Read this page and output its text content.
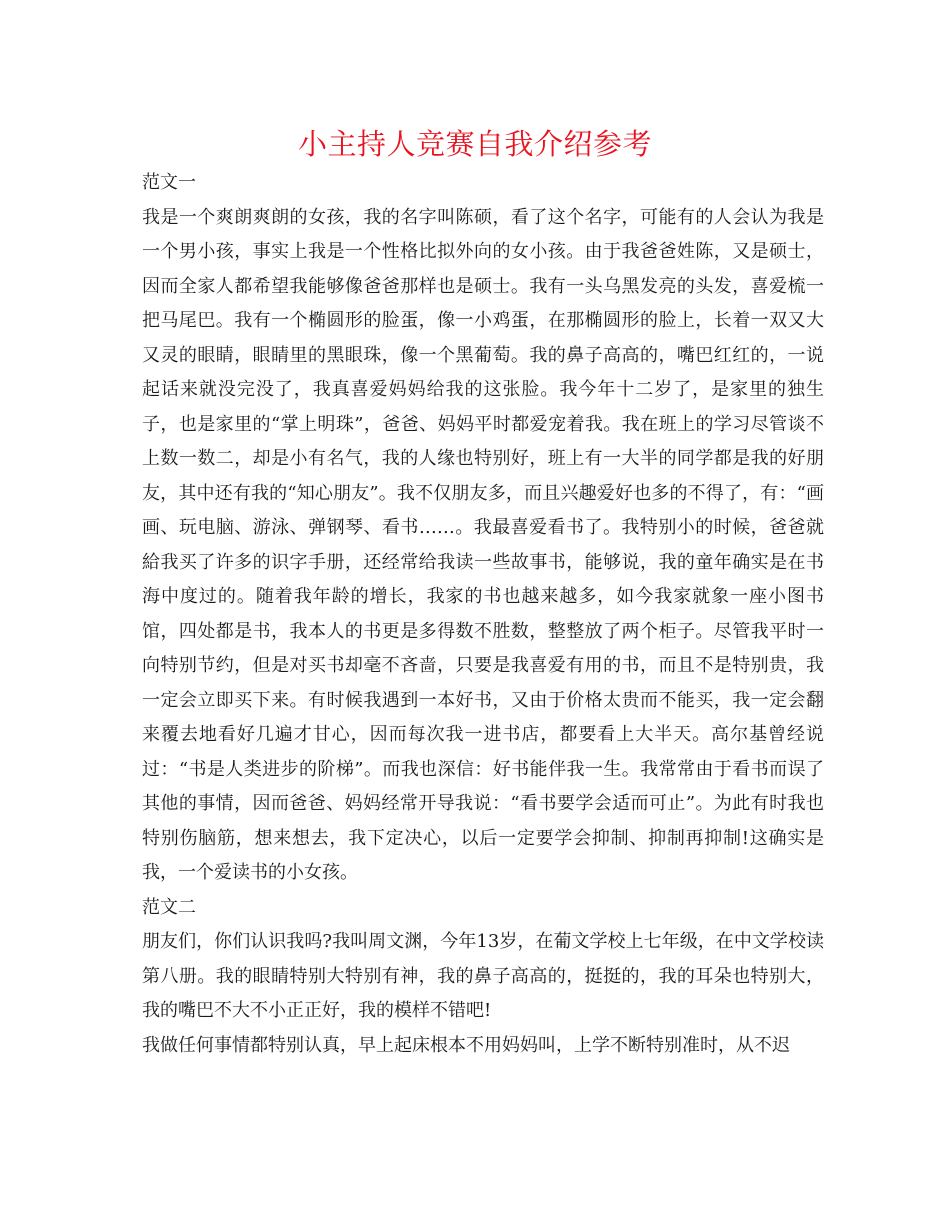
小主持人竞赛自我介绍参考
范文一

我是一个爽朗爽朗的女孩，我的名字叫陈硕，看了这个名字，可能有的人会认为我是一个男小孩，事实上我是一个性格比拟外向的女小孩。由于我爸爸姓陈，又是硕士，因而全家人都希望我能够像爸爸那样也是硕士。我有一头乌黑发亮的头发，喜爱梳一把马尾巴。我有一个椭圆形的脸蛋，像一小鸡蛋，在那椭圆形的脸上，长着一双又大又灵的眼睛，眼睛里的黑眼珠，像一个黑葡萄。我的鼻子高高的，嘴巴红红的，一说起话来就没完没了，我真喜爱妈妈给我的这张脸。我今年十二岁了，是家里的独生子，也是家里的“掌上明珠”，爸爸、妈妈平时都爱宠着我。我在班上的学习尽管谈不上数一数二，却是小有名气，我的人缘也特别好，班上有一大半的同学都是我的好朋友，其中还有我的“知心朋友”。我不仅朋友多，而且兴趣爱好也多的不得了，有：“画画、玩电脑、游泳、弹钢琴、看书……。我最喜爱看书了。我特别小的时候，爸爸就給我买了许多的识字手册，还经常给我读一些故事书，能够说，我的童年确实是在书海中度过的。随着我年龄的增长，我家的书也越来越多，如今我家就象一座小图书馆，四处都是书，我本人的书更是多得数不胜数，整整放了两个柜子。尽管我平时一向特别节约，但是对买书却毫不吝啬，只要是我喜爱有用的书，而且不是特别贵，我一定会立即买下来。有时候我遇到一本好书，又由于价格太贵而不能买，我一定会翻来覆去地看好几遍才甘心，因而每次我一进书店，都要看上大半天。高尔基曾经说过：“书是人类进步的阶梯”。而我也深信：好书能伴我一生。我常常由于看书而误了其他的事情，因而爸爸、妈妈经常开导我说：“看书要学会适而可止”。为此有时我也特别伤脑筋，想来想去，我下定决心，以后一定要学会抑制、抑制再抑制!这确实是我，一个爱读书的小女孩。

范文二

朋友们，你们认识我吗?我叫周文渊，今年13岁，在葡文学校上七年级，在中文学校读第八册。我的眼睛特别大特别有神，我的鼻子高高的，挺挺的，我的耳朵也特别大，我的嘴巴不大不小正正好，我的模样不错吧!

我做任何事情都特别认真，早上起床根本不用妈妈叫，上学不断特别准时，从不迟
